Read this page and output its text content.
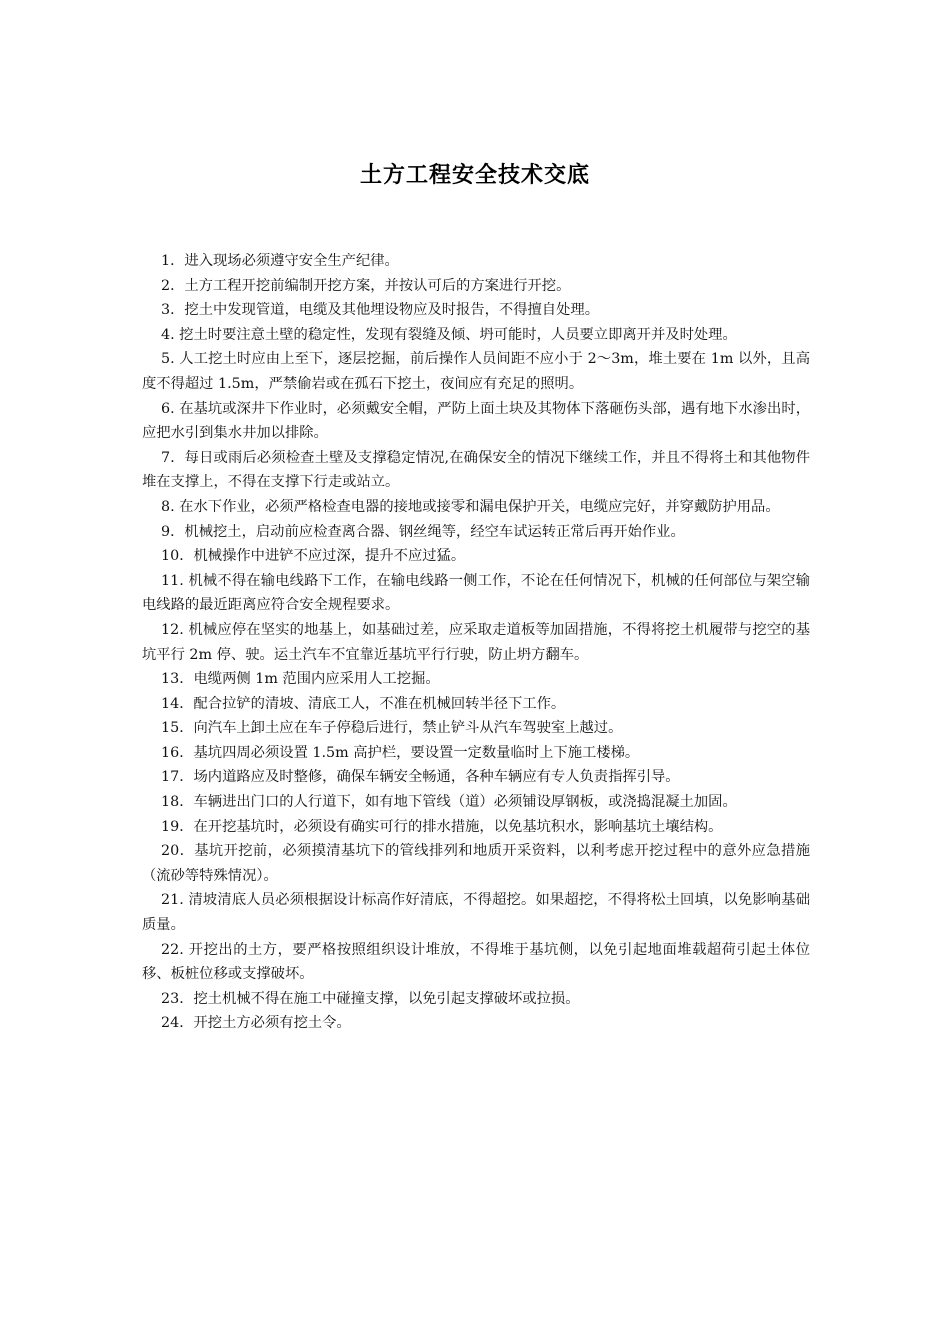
土方工程安全技术交底
1．进入现场必须遵守安全生产纪律。
2．土方工程开挖前编制开挖方案，并按认可后的方案进行开挖。
3．挖土中发现管道，电缆及其他埋设物应及时报告，不得擅自处理。
4. 挖土时要注意土壁的稳定性，发现有裂缝及倾、坍可能时，人员要立即离开并及时处理。
5. 人工挖土时应由上至下，逐层挖掘，前后操作人员间距不应小于 2～3m，堆土要在 1m 以外，且高度不得超过 1.5m，严禁偷岩或在孤石下挖土，夜间应有充足的照明。
6. 在基坑或深井下作业时，必须戴安全帽，严防上面土块及其物体下落砸伤头部，遇有地下水渗出时，应把水引到集水井加以排除。
7．每日或雨后必须检查土壁及支撑稳定情况,在确保安全的情况下继续工作，并且不得将土和其他物件堆在支撑上，不得在支撑下行走或站立。
8. 在水下作业，必须严格检查电器的接地或接零和漏电保护开关，电缆应完好，并穿戴防护用品。
9．机械挖土，启动前应检查离合器、钢丝绳等，经空车试运转正常后再开始作业。
10．机械操作中进铲不应过深，提升不应过猛。
11. 机械不得在输电线路下工作，在输电线路一侧工作，不论在任何情况下，机械的任何部位与架空输电线路的最近距离应符合安全规程要求。
12. 机械应停在坚实的地基上，如基础过差，应采取走道板等加固措施，不得将挖土机履带与挖空的基坑平行 2m 停、驶。运土汽车不宜靠近基坑平行行驶，防止坍方翻车。
13．电缆两侧 1m 范围内应采用人工挖掘。
14．配合拉铲的清坡、清底工人，不准在机械回转半径下工作。
15．向汽车上卸土应在车子停稳后进行，禁止铲斗从汽车驾驶室上越过。
16．基坑四周必须设置 1.5m 高护栏，要设置一定数量临时上下施工楼梯。
17．场内道路应及时整修，确保车辆安全畅通，各种车辆应有专人负责指挥引导。
18．车辆进出门口的人行道下，如有地下管线（道）必须铺设厚钢板，或浇捣混凝土加固。
19．在开挖基坑时，必须设有确实可行的排水措施，以免基坑积水，影响基坑土壤结构。
20．基坑开挖前，必须摸清基坑下的管线排列和地质开采资料，以利考虑开挖过程中的意外应急措施（流砂等特殊情况）。
21. 清坡清底人员必须根据设计标高作好清底，不得超挖。如果超挖，不得将松土回填，以免影响基础质量。
22. 开挖出的土方，要严格按照组织设计堆放，不得堆于基坑侧，以免引起地面堆载超荷引起土体位移、板桩位移或支撑破坏。
23．挖土机械不得在施工中碰撞支撑，以免引起支撑破坏或拉损。
24．开挖土方必须有挖土令。
